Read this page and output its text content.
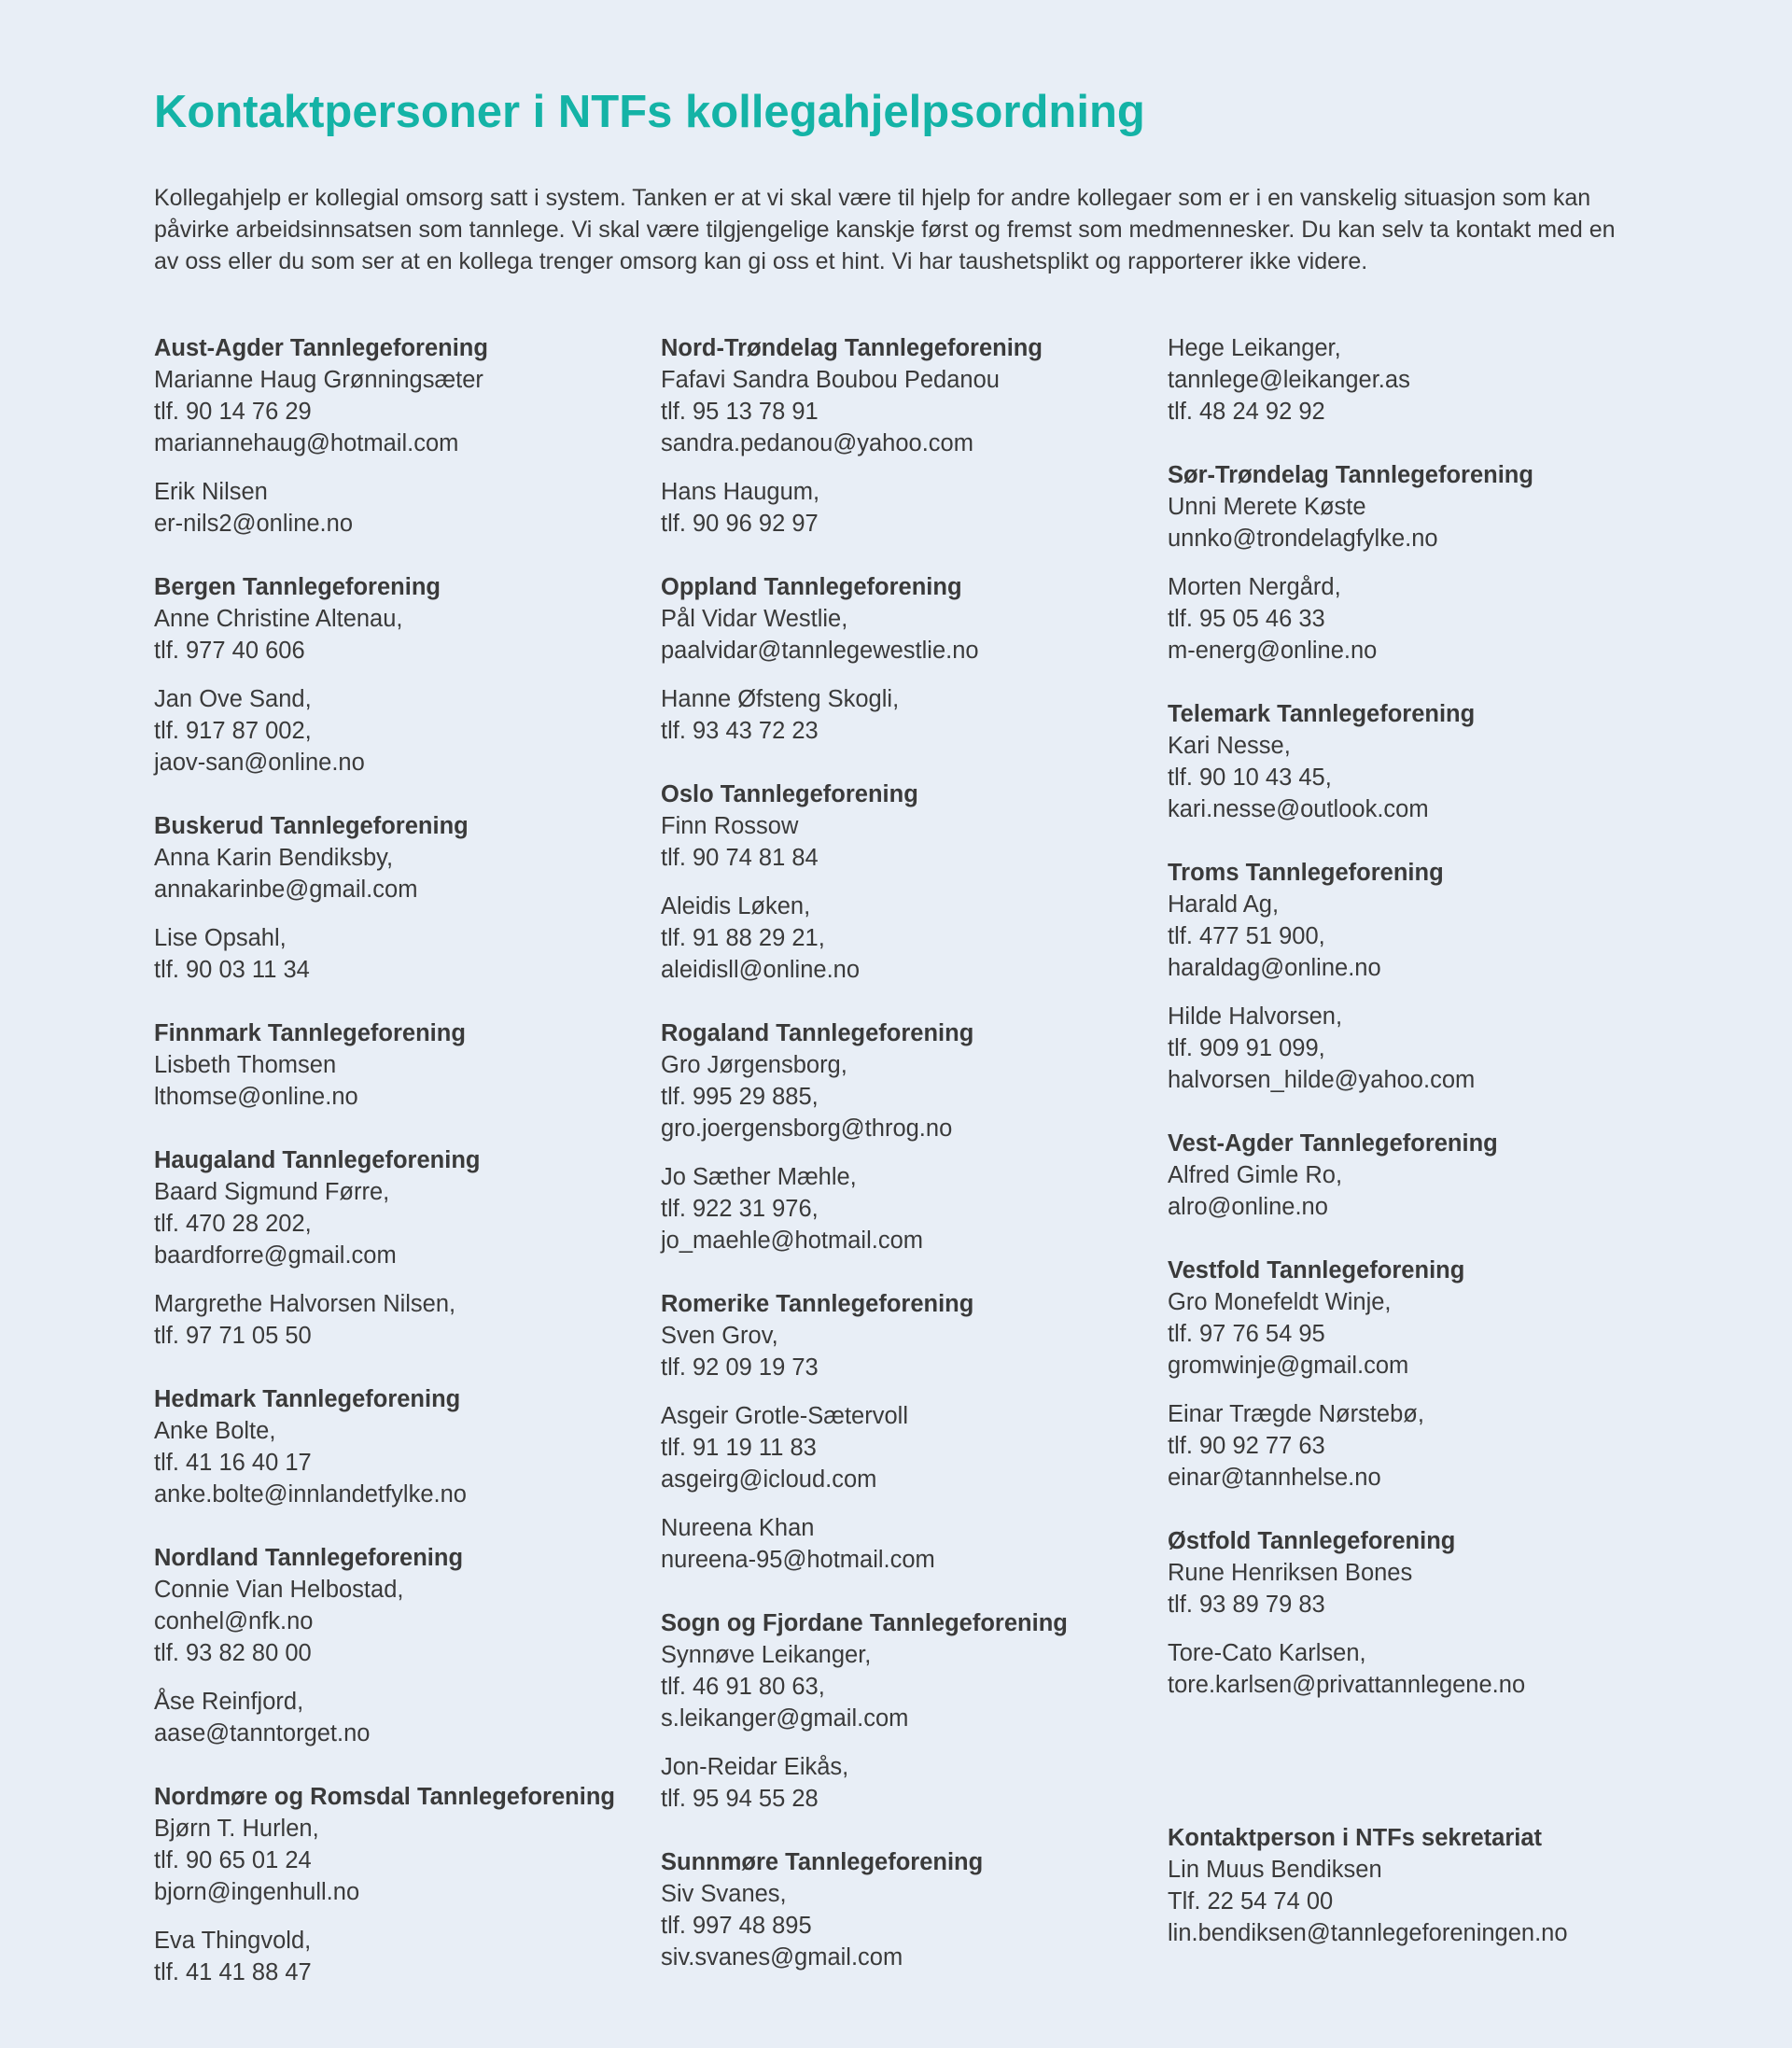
Kontaktpersoner i NTFs kollegahjelpsordning

Kollegahjelp er kollegial omsorg satt i system. Tanken er at vi skal være til hjelp for andre kollegaer som er i en vanskelig situasjon som kan påvirke arbeidsinnsatsen som tannlege. Vi skal være tilgjengelige kanskje først og fremst som medmennesker. Du kan selv ta kontakt med en av oss eller du som ser at en kollega trenger omsorg kan gi oss et hint. Vi har taushetsplikt og rapporterer ikke videre.

Aust-Agder Tannlegeforening
Marianne Haug Grønningsæter
tlf. 90 14 76 29
mariannehaug@hotmail.com
Erik Nilsen
er-nils2@online.no
Bergen Tannlegeforening
Anne Christine Altenau,
tlf. 977 40 606
Jan Ove Sand,
tlf. 917 87 002,
jaov-san@online.no
Buskerud Tannlegeforening
Anna Karin Bendiksby,
annakarinbe@gmail.com
Lise Opsahl,
tlf. 90 03 11 34
Finnmark Tannlegeforening
Lisbeth Thomsen
lthomse@online.no
Haugaland Tannlegeforening
Baard Sigmund Førre,
tlf. 470 28 202,
baardforre@gmail.com
Margrethe Halvorsen Nilsen,
tlf. 97 71 05 50
Hedmark Tannlegeforening
Anke Bolte,
tlf. 41 16 40 17
anke.bolte@innlandetfylke.no
Nordland Tannlegeforening
Connie Vian Helbostad,
conhel@nfk.no
tlf. 93 82 80 00
Åse Reinfjord,
aase@tanntorget.no
Nordmøre og Romsdal Tannlegeforening
Bjørn T. Hurlen,
tlf. 90 65 01 24
bjorn@ingenhull.no
Eva Thingvold,
tlf. 41 41 88 47
Nord-Trøndelag Tannlegeforening
Fafavi Sandra Boubou Pedanou
tlf. 95 13 78 91
sandra.pedanou@yahoo.com
Hans Haugum,
tlf. 90 96 92 97
Oppland Tannlegeforening
Pål Vidar Westlie,
paalvidar@tannlegewestlie.no
Hanne Øfsteng Skogli,
tlf. 93 43 72 23
Oslo Tannlegeforening
Finn Rossow
tlf. 90 74 81 84
Aleidis Løken,
tlf. 91 88 29 21,
aleidisll@online.no
Rogaland Tannlegeforening
Gro Jørgensborg,
tlf. 995 29 885,
gro.joergensborg@throg.no
Jo Sæther Mæhle,
tlf. 922 31 976,
jo_maehle@hotmail.com
Romerike Tannlegeforening
Sven Grov,
tlf. 92 09 19 73
Asgeir Grotle-Sætervoll
tlf. 91 19 11 83
asgeirg@icloud.com
Nureena Khan
nureena-95@hotmail.com
Sogn og Fjordane Tannlegeforening
Synnøve Leikanger,
tlf. 46 91 80 63,
s.leikanger@gmail.com
Jon-Reidar Eikås,
tlf. 95 94 55 28
Sunnmøre Tannlegeforening
Siv Svanes,
tlf. 997 48 895
siv.svanes@gmail.com
Hege Leikanger,
tannlege@leikanger.as
tlf. 48 24 92 92
Sør-Trøndelag Tannlegeforening
Unni Merete Køste
unnko@trondelagfylke.no
Morten Nergård,
tlf. 95 05 46 33
m-energ@online.no
Telemark Tannlegeforening
Kari Nesse,
tlf. 90 10 43 45,
kari.nesse@outlook.com
Troms Tannlegeforening
Harald Ag,
tlf. 477 51 900,
haraldag@online.no
Hilde Halvorsen,
tlf. 909 91 099,
halvorsen_hilde@yahoo.com
Vest-Agder Tannlegeforening
Alfred Gimle Ro,
alro@online.no
Vestfold Tannlegeforening
Gro Monefeldt Winje,
tlf. 97 76 54 95
gromwinje@gmail.com
Einar Trægde Nørstebø,
tlf. 90 92 77 63
einar@tannhelse.no
Østfold Tannlegeforening
Rune Henriksen Bones
tlf. 93 89 79 83
Tore-Cato Karlsen,
tore.karlsen@privattannlegene.no
Kontaktperson i NTFs sekretariat
Lin Muus Bendiksen
Tlf. 22 54 74 00
lin.bendiksen@tannlegeforeningen.no
